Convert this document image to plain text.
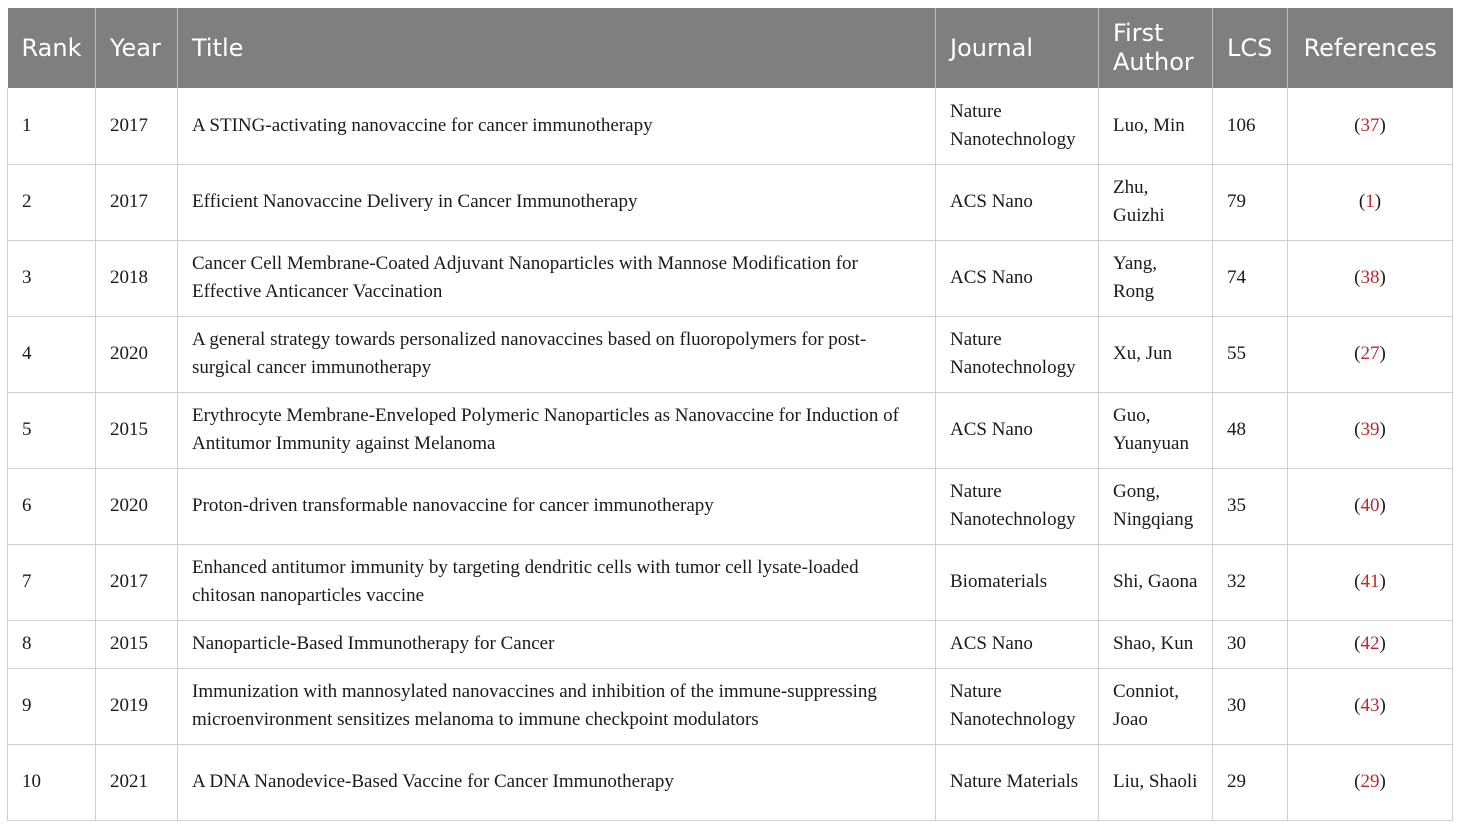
Rank	Year	Title	Journal	First Author	LCS	References
1	2017	A STING-activating nanovaccine for cancer immunotherapy	Nature Nanotechnology	Luo, Min	106	(37)
2	2017	Efficient Nanovaccine Delivery in Cancer Immunotherapy	ACS Nano	Zhu, Guizhi	79	(1)
3	2018	Cancer Cell Membrane-Coated Adjuvant Nanoparticles with Mannose Modification for Effective Anticancer Vaccination	ACS Nano	Yang, Rong	74	(38)
4	2020	A general strategy towards personalized nanovaccines based on fluoropolymers for post-surgical cancer immunotherapy	Nature Nanotechnology	Xu, Jun	55	(27)
5	2015	Erythrocyte Membrane-Enveloped Polymeric Nanoparticles as Nanovaccine for Induction of Antitumor Immunity against Melanoma	ACS Nano	Guo, Yuanyuan	48	(39)
6	2020	Proton-driven transformable nanovaccine for cancer immunotherapy	Nature Nanotechnology	Gong, Ningqiang	35	(40)
7	2017	Enhanced antitumor immunity by targeting dendritic cells with tumor cell lysate-loaded chitosan nanoparticles vaccine	Biomaterials	Shi, Gaona	32	(41)
8	2015	Nanoparticle-Based Immunotherapy for Cancer	ACS Nano	Shao, Kun	30	(42)
9	2019	Immunization with mannosylated nanovaccines and inhibition of the immune-suppressing microenvironment sensitizes melanoma to immune checkpoint modulators	Nature Nanotechnology	Conniot, Joao	30	(43)
10	2021	A DNA Nanodevice-Based Vaccine for Cancer Immunotherapy	Nature Materials	Liu, Shaoli	29	(29)
